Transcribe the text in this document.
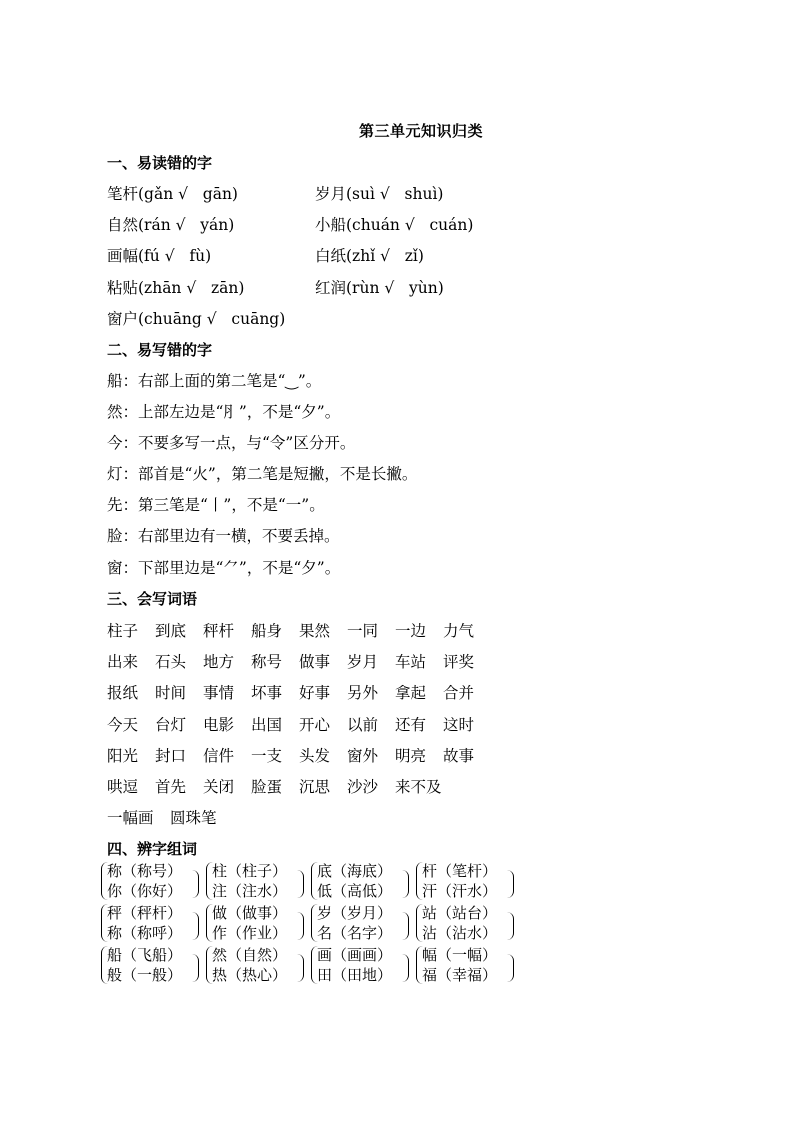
第三单元知识归类
一、易读错的字
笔杆(gǎn √   gān)
自然(rán √   yán)
画幅(fú √   fù)
粘贴(zhān √   zān)
窗户(chuāng √   cuāng)
岁月(suì √   shuì)
小船(chuán √   cuán)
白纸(zhǐ √   zǐ)
红润(rùn √   yùn)
二、易写错的字
船：右部上面的第二笔是“‿”。
然：上部左边是“⺼”，不是“夕”。
今：不要多写一点，与“令”区分开。
灯：部首是“火”，第二笔是短撇，不是长撇。
先：第三笔是“丨”，不是“一”。
脸：右部里边有一横，不要丢掉。
窗：下部里边是“⺈”，不是“夕”。
三、会写词语
柱子 到底 秤杆 船身 果然 一同 一边 力气
出来 石头 地方 称号 做事 岁月 车站 评奖
报纸 时间 事情 坏事 好事 另外 拿起 合并
今天 台灯 电影 出国 开心 以前 还有 这时
阳光 封口 信件 一支 头发 窗外 明亮 故事
哄逗 首先 关闭 脸蛋 沉思 沙沙 来不及
一幅画 圆珠笔
四、辨字组词
称（称号）
你（你好）
柱（柱子）
注（注水）
底（海底）
低（高低）
杆（笔杆）
汗（汗水）
秤（秤杆）
称（称呼）
做（做事）
作（作业）
岁（岁月）
名（名字）
站（站台）
沾（沾水）
船（飞船）
般（一般）
然（自然）
热（热心）
画（画画）
田（田地）
幅（一幅）
福（幸福）
